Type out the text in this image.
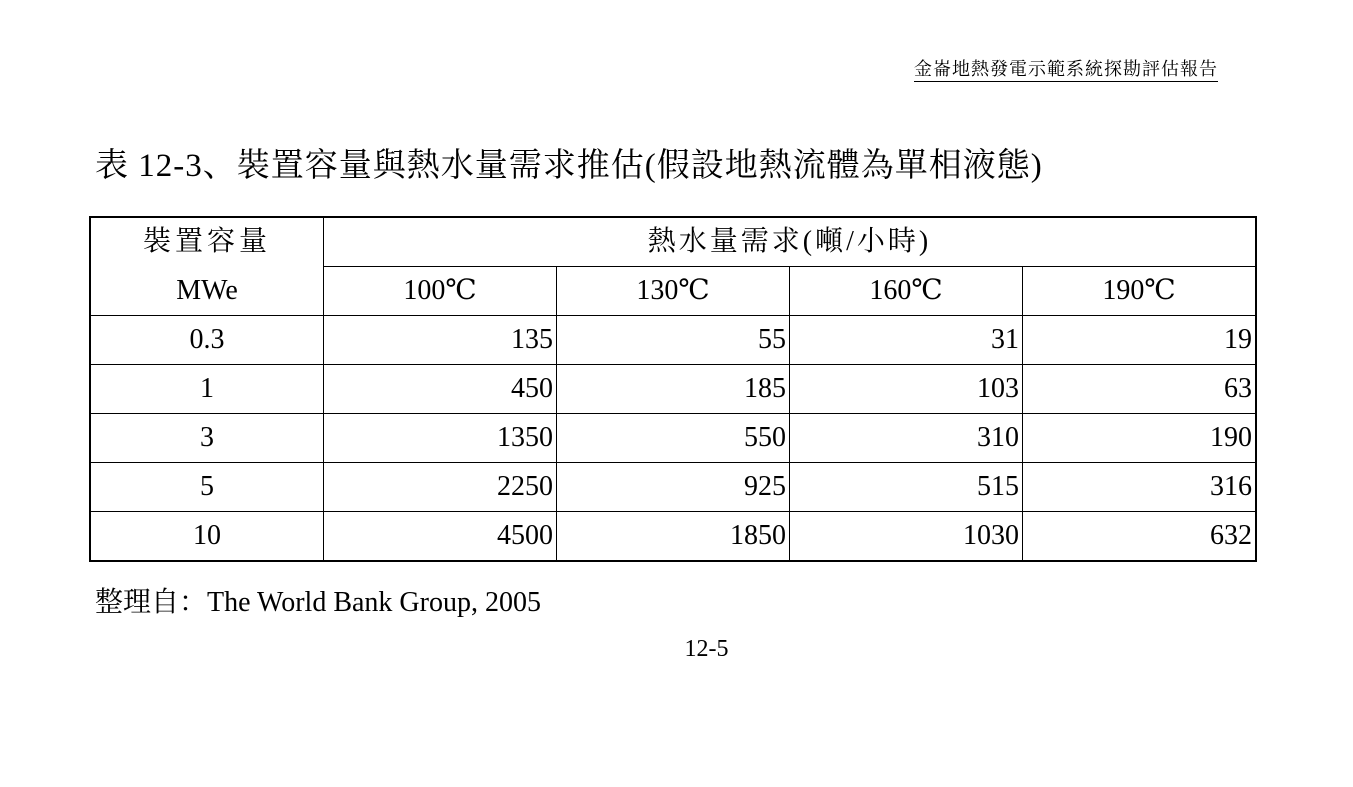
金崙地熱發電示範系統探勘評估報告
表 12-3、裝置容量與熱水量需求推估(假設地熱流體為單相液態)
裝置容量	熱水量需求(噸/小時)			
MWe	100℃	130℃	160℃	190℃
0.3	135	55	31	19
1	450	185	103	63
3	1350	550	310	190
5	2250	925	515	316
10	4500	1850	1030	632
整理自：The World Bank Group, 2005
12-5
